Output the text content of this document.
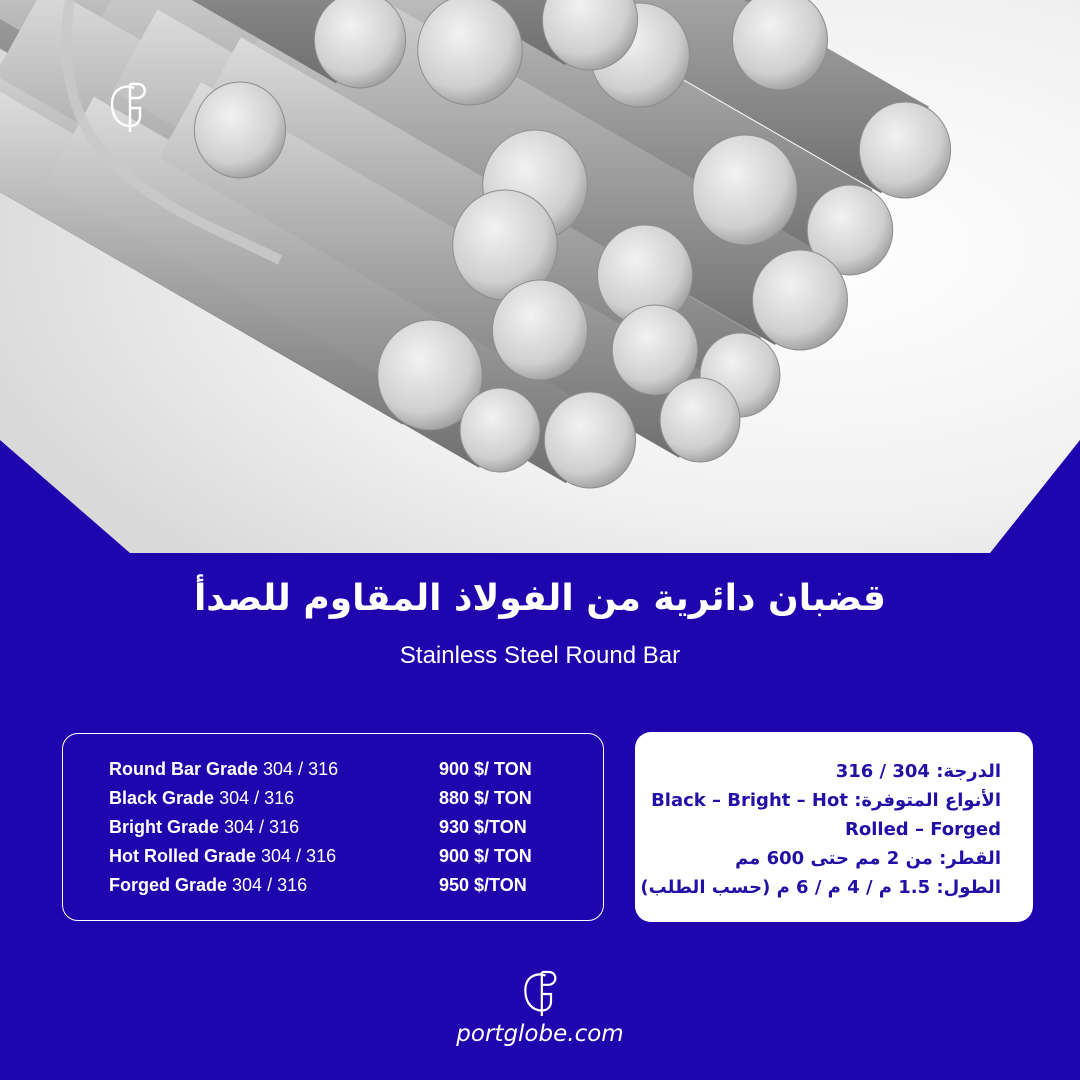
قضبان دائرية من الفولاذ المقاوم للصدأ
Stainless Steel Round Bar
Round Bar Grade 304 / 316	900 $/ TON
Black Grade 304 / 316	880 $/ TON
Bright Grade 304 / 316	930 $/TON
Hot Rolled Grade 304 / 316	900 $/ TON
Forged Grade 304 / 316	950 $/TON
الدرجة: 304 / 316
الأنواع المتوفرة: Black – Bright – Hot
Rolled – Forged
القطر: من 2 مم حتى 600 مم
الطول: 1.5 م / 4 م / 6 م (حسب الطلب)
portglobe.com
